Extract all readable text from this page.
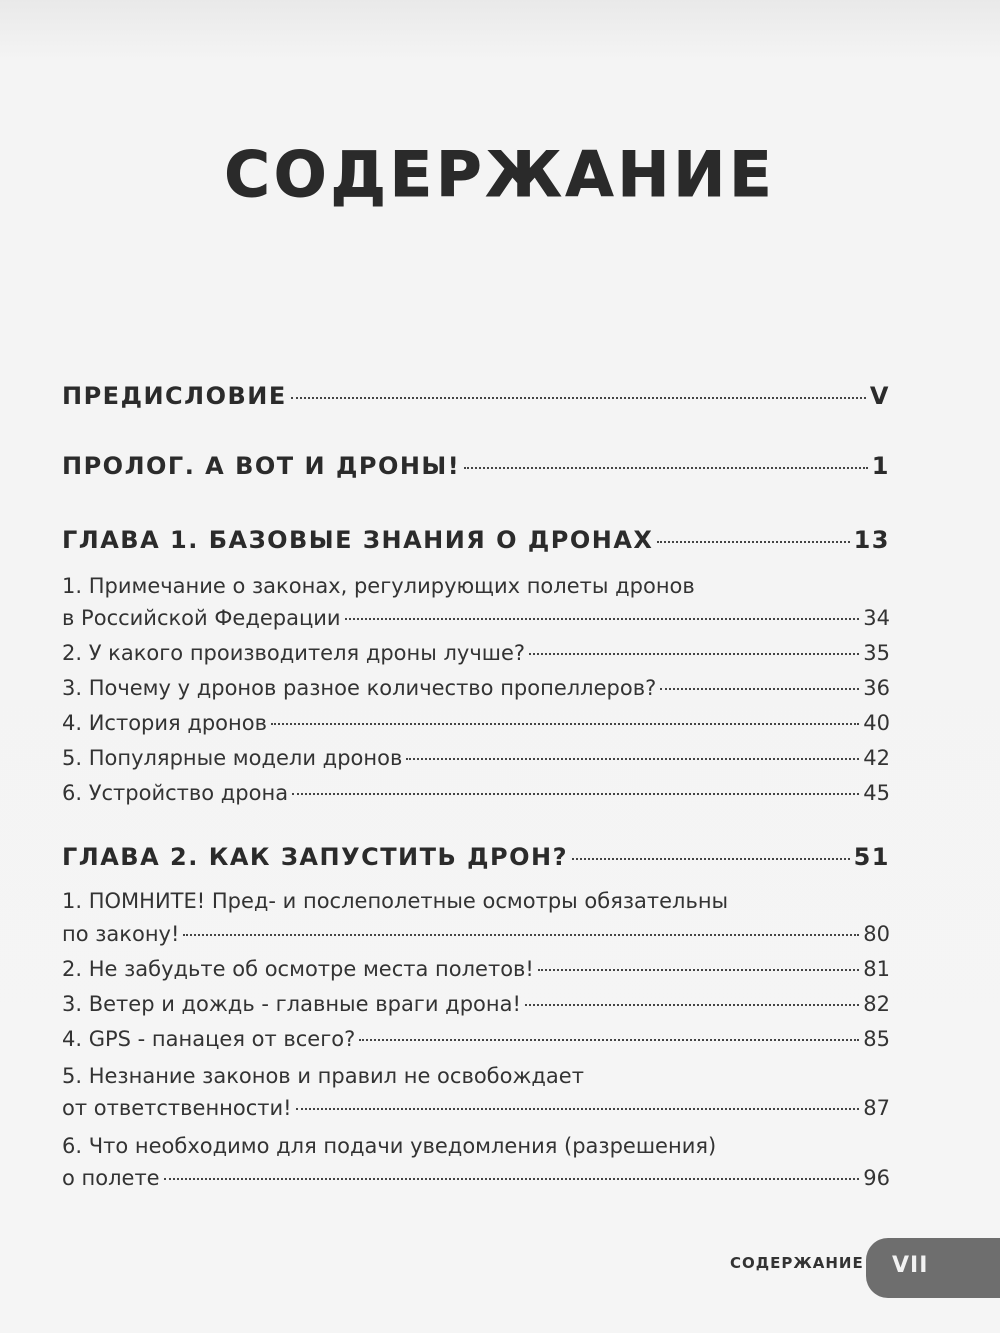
СОДЕРЖАНИЕ
ПРЕДИСЛОВИЕ	V
ПРОЛОГ. А ВОТ И ДРОНЫ!	1
ГЛАВА 1. БАЗОВЫЕ ЗНАНИЯ О ДРОНАХ	13
1. Примечание о законах, регулирующих полеты дронов
в Российской Федерации	34
2. У какого производителя дроны лучше?	35
3. Почему у дронов разное количество пропеллеров?	36
4. История дронов	40
5. Популярные модели дронов	42
6. Устройство дрона	45
ГЛАВА 2. КАК ЗАПУСТИТЬ ДРОН?	51
1. ПОМНИТЕ! Пред- и послеполетные осмотры обязательны
по закону!	80
2. Не забудьте об осмотре места полетов!	81
3. Ветер и дождь - главные враги дрона!	82
4. GPS - панацея от всего?	85
5. Незнание законов и правил не освобождает
от ответственности!	87
6. Что необходимо для подачи уведомления (разрешения)
о полете	96
СОДЕРЖАНИЕ VII
